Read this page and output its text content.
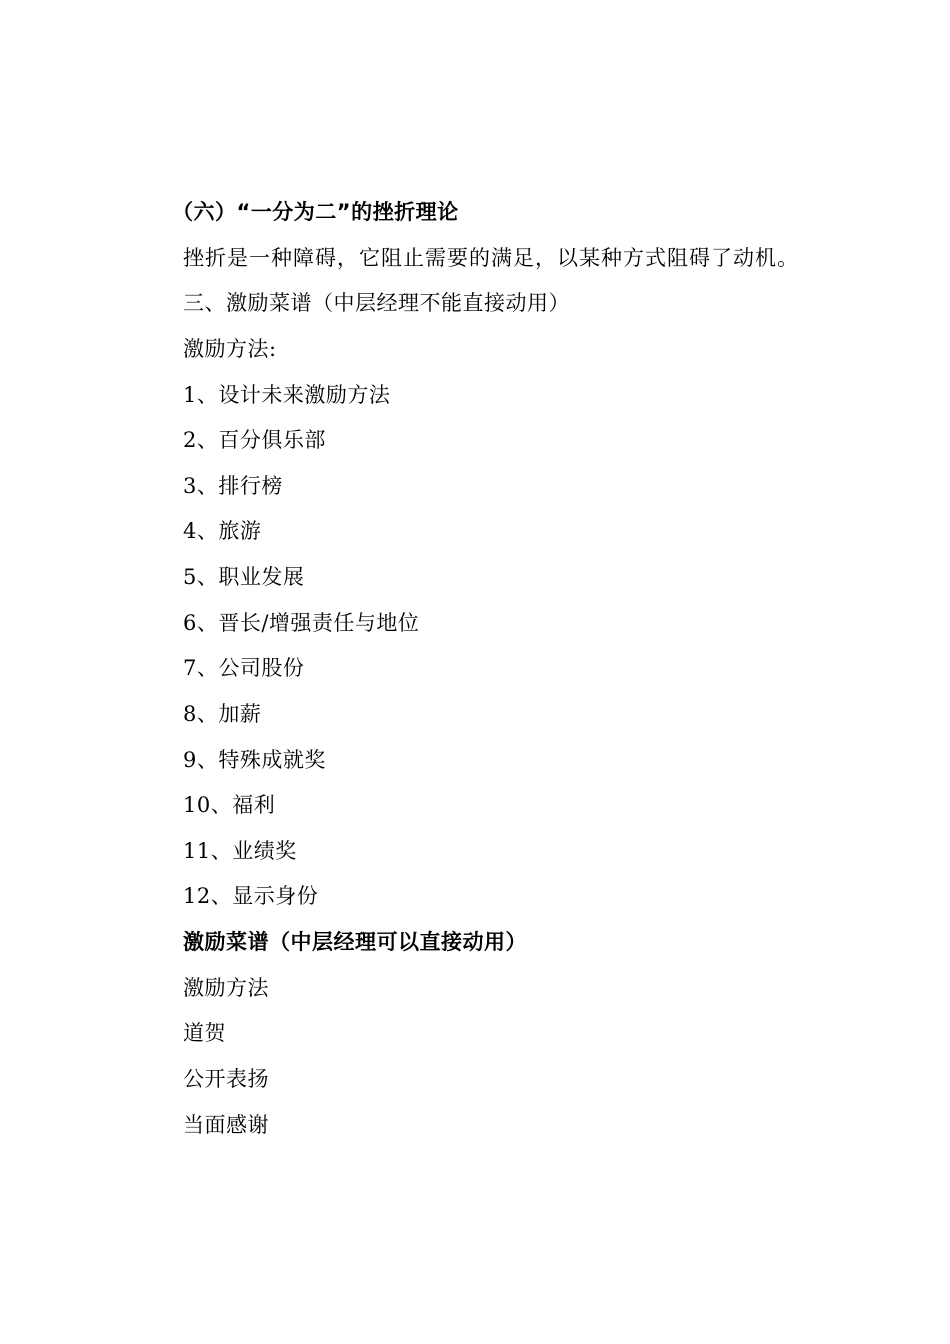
（六）“一分为二”的挫折理论
挫折是一种障碍，它阻止需要的满足，以某种方式阻碍了动机。
三、激励菜谱（中层经理不能直接动用）
激励方法:
1、设计未来激励方法
2、百分俱乐部
3、排行榜
4、旅游
5、职业发展
6、晋长/增强责任与地位
7、公司股份
8、加薪
9、特殊成就奖
10、福利
11、业绩奖
12、显示身份
激励菜谱（中层经理可以直接动用）
激励方法
道贺
公开表扬
当面感谢
